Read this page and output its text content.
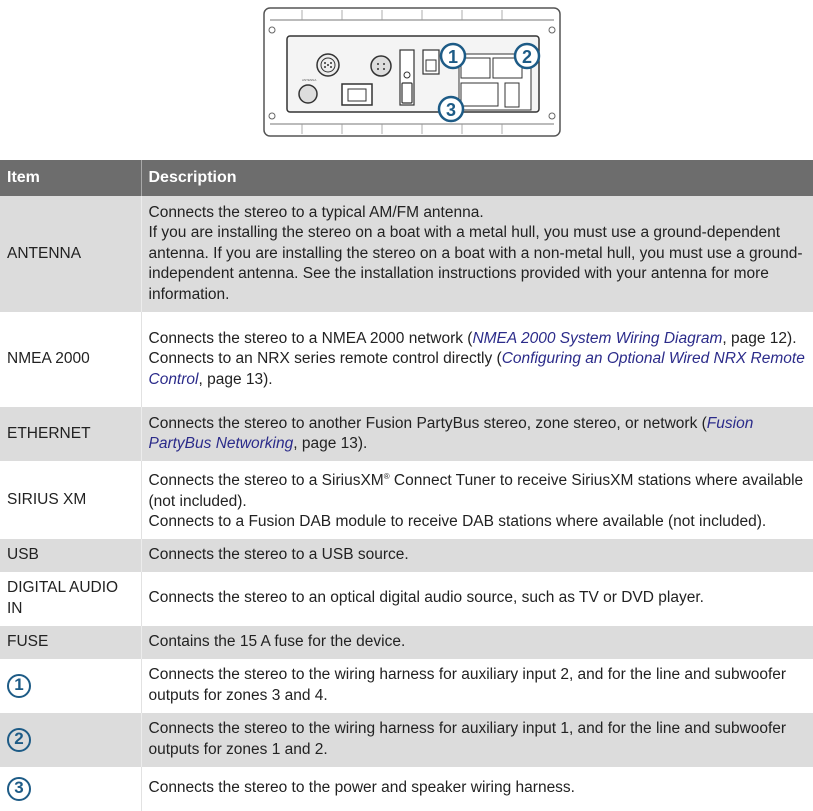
ANTENNA
1	2
3
Item	Description
ANTENNA	Connects the stereo to a typical AM/FM antenna.
If you are installing the stereo on a boat with a metal hull, you must use a ground-dependent antenna. If you are installing the stereo on a boat with a non-metal hull, you must use a ground-independent antenna. See the installation instructions provided with your antenna for more information.

NMEA 2000	Connects the stereo to a NMEA 2000 network (NMEA 2000 System Wiring Diagram, page 12).
Connects to an NRX series remote control directly (Configuring an Optional Wired NRX Remote Control, page 13).

ETHERNET	Connects the stereo to another Fusion PartyBus stereo, zone stereo, or network (Fusion PartyBus Networking, page 13).
SIRIUS XM	Connects the stereo to a SiriusXM® Connect Tuner to receive SiriusXM stations where available (not included).
Connects to a Fusion DAB module to receive DAB stations where available (not included).

USB	Connects the stereo to a USB source.
DIGITAL AUDIO IN	Connects the stereo to an optical digital audio source, such as TV or DVD player.
FUSE	Contains the 15 A fuse for the device.
1	Connects the stereo to the wiring harness for auxiliary input 2, and for the line and subwoofer outputs for zones 3 and 4.
2	Connects the stereo to the wiring harness for auxiliary input 1, and for the line and subwoofer outputs for zones 1 and 2.
3	Connects the stereo to the power and speaker wiring harness.
